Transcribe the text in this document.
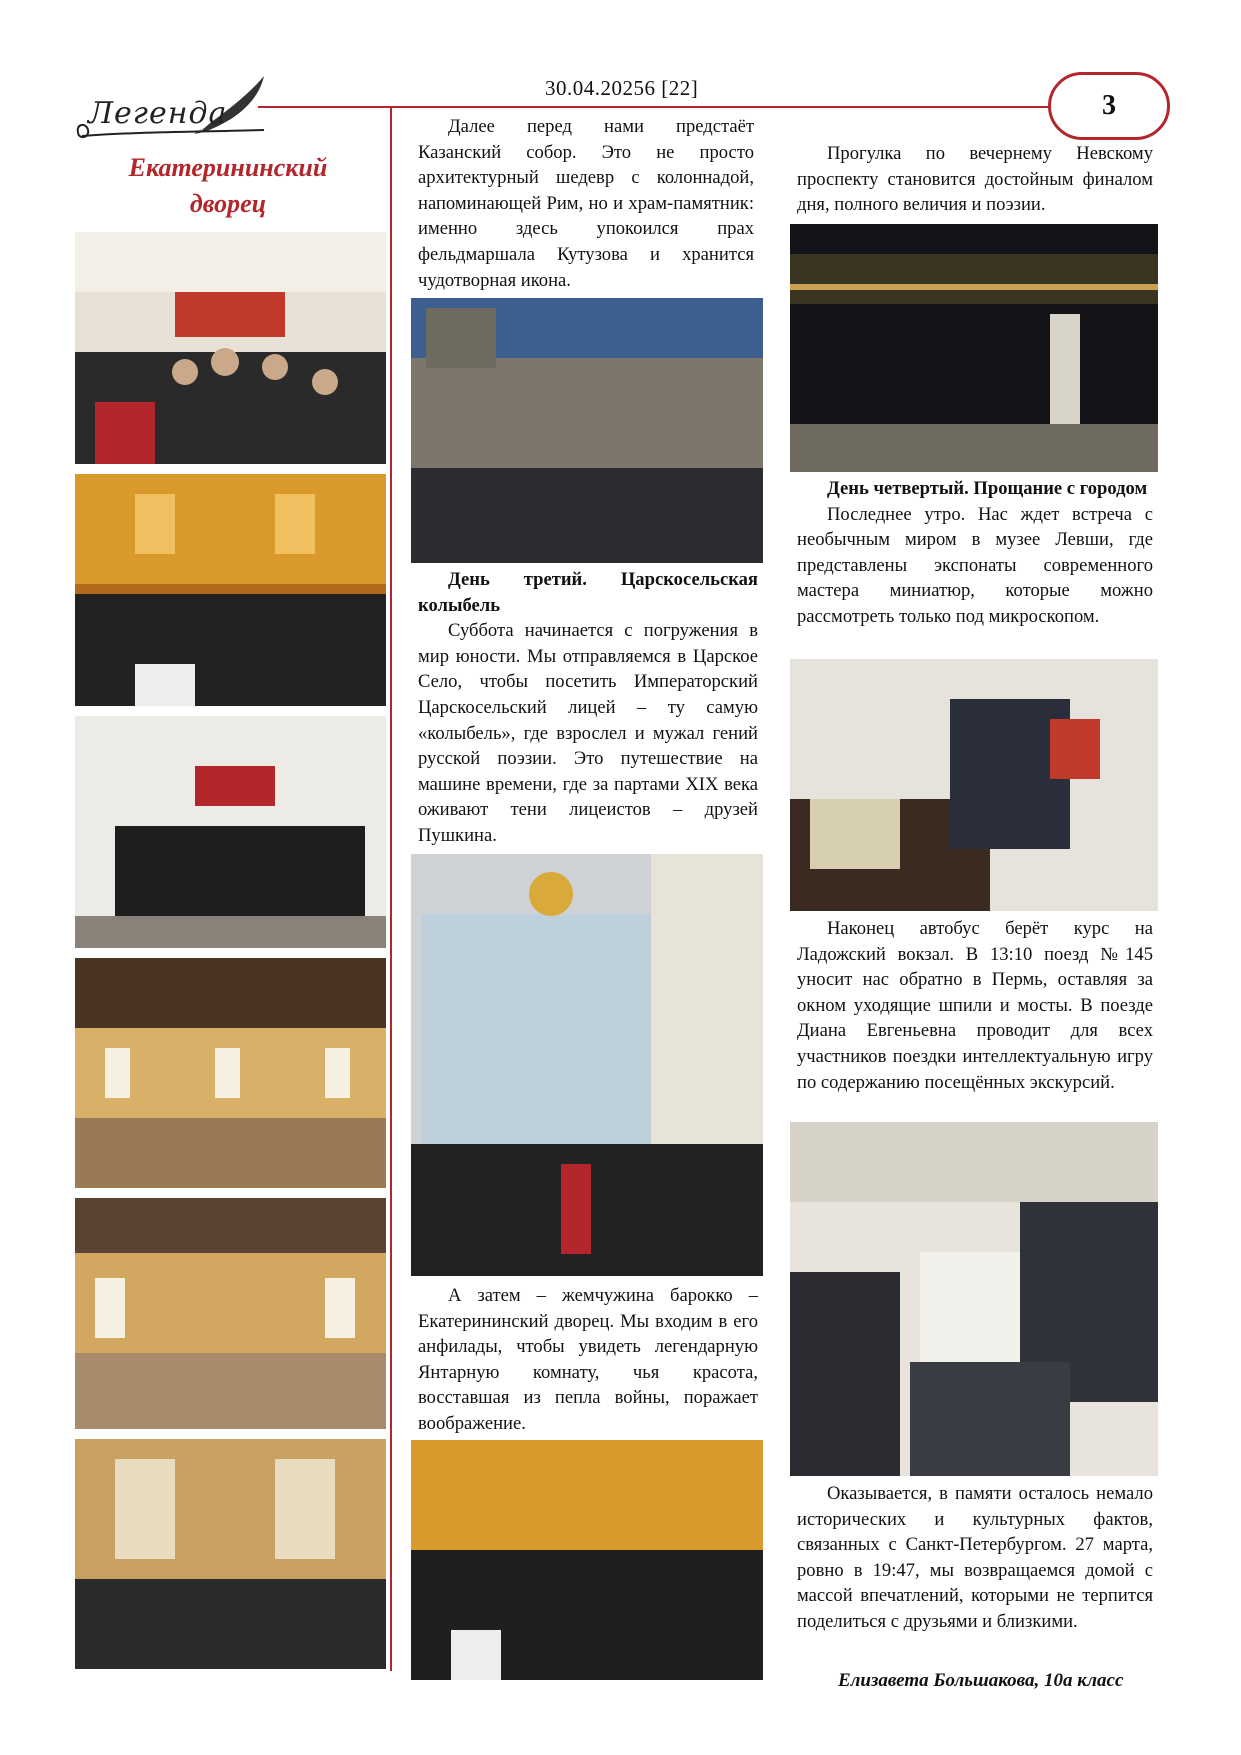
30.04.20256 [22]
3
Легенда
Екатерининский дворец

Далее перед нами предстаёт Казанский собор. Это не просто архитектурный шедевр с колоннадой, напоминающей Рим, но и храм-памятник: именно здесь упокоился прах фельдмаршала Кутузова и хранится чудотворная икона.

День третий. Царскосельская колыбель

Суббота начинается с погружения в мир юности. Мы отправляемся в Царское Село, чтобы посетить Императорский Царскосельский лицей – ту самую «колыбель», где взрослел и мужал гений русской поэзии. Это путешествие на машине времени, где за партами XIX века оживают тени лицеистов – друзей Пушкина.

А затем – жемчужина барокко – Екатерининский дворец. Мы входим в его анфилады, чтобы увидеть легендарную Янтарную комнату, чья красота, восставшая из пепла войны, поражает воображение.

Прогулка по вечернему Невскому проспекту становится достойным финалом дня, полного величия и поэзии.

День четвертый. Прощание с городом

Последнее утро. Нас ждет встреча с необычным миром в музее Левши, где представлены экспонаты современного мастера миниатюр, которые можно рассмотреть только под микроскопом.

Наконец автобус берёт курс на Ладожский вокзал. В 13:10 поезд №145 уносит нас обратно в Пермь, оставляя за окном уходящие шпили и мосты. В поезде Диана Евгеньевна проводит для всех участников поездки интеллектуальную игру по содержанию посещённых экскурсий.

Оказывается, в памяти осталось немало исторических и культурных фактов, связанных с Санкт-Петербургом. 27 марта, ровно в 19:47, мы возвращаемся домой с массой впечатлений, которыми не терпится поделиться с друзьями и близкими.

Елизавета Большакова, 10а класс
